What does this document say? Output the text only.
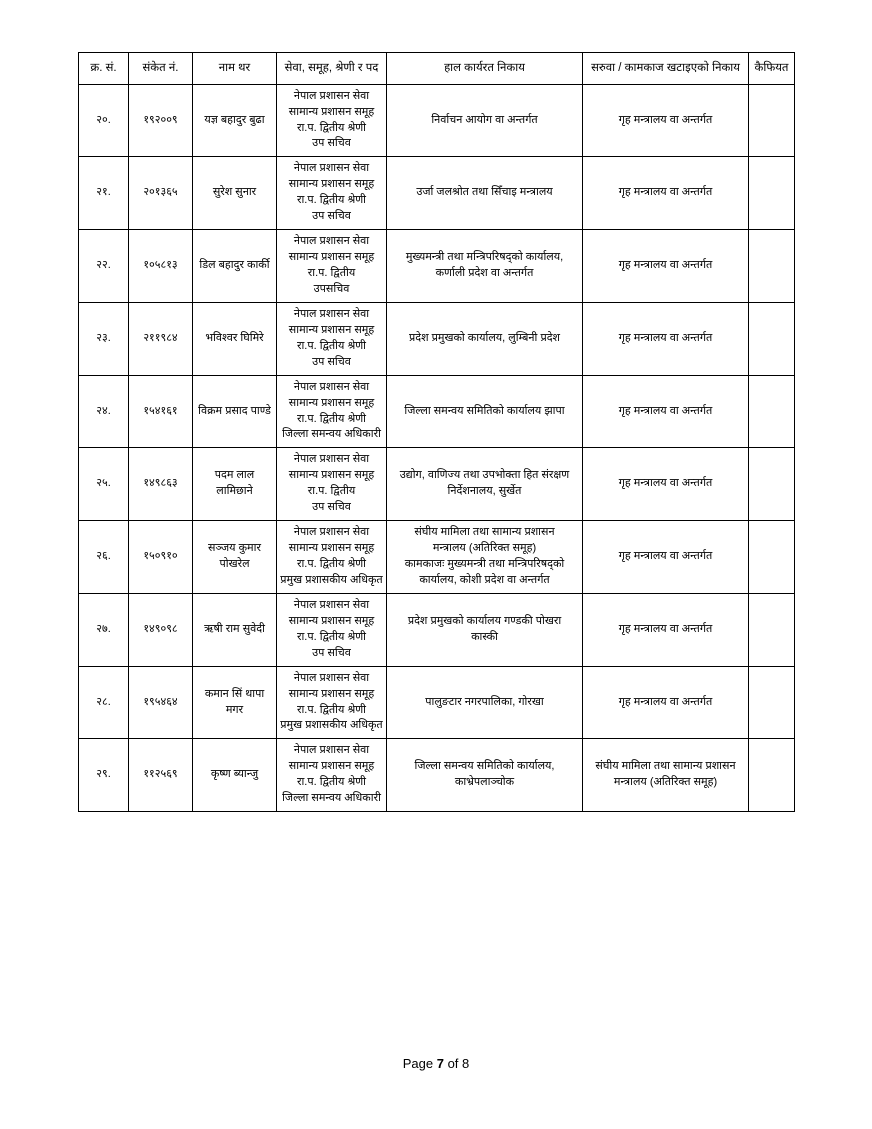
क्र. सं.	संकेत नं.	नाम थर	सेवा, समूह, श्रेणी र पद	हाल कार्यरत निकाय	सरुवा / कामकाज खटाइएको निकाय	कैफियत
२०.	१९२००९	यज्ञ बहादुर बुढा	नेपाल प्रशासन सेवा
सामान्य प्रशासन समूह
रा.प. द्वितीय श्रेणी
उप सचिव	निर्वाचन आयोग वा अन्तर्गत	गृह मन्त्रालय वा अन्तर्गत	

२१.	२०१३६५	सुरेश सुनार	नेपाल प्रशासन सेवा
सामान्य प्रशासन समूह
रा.प. द्वितीय श्रेणी
उप सचिव	उर्जा जलश्रोत तथा सिँचाइ मन्त्रालय	गृह मन्त्रालय वा अन्तर्गत	

२२.	१०५८१३	डिल बहादुर कार्की	नेपाल प्रशासन सेवा
सामान्य प्रशासन समूह
रा.प. द्वितीय
उपसचिव	मुख्यमन्त्री तथा मन्त्रिपरिषद्को कार्यालय,
कर्णाली प्रदेश वा अन्तर्गत	गृह मन्त्रालय वा अन्तर्गत	

२३.	२११९८४	भविश्वर घिमिरे	नेपाल प्रशासन सेवा
सामान्य प्रशासन समूह
रा.प. द्वितीय श्रेणी
उप सचिव	प्रदेश प्रमुखको कार्यालय, लुम्बिनी प्रदेश	गृह मन्त्रालय वा अन्तर्गत	

२४.	१५४१६१	विक्रम प्रसाद पाण्डे	नेपाल प्रशासन सेवा
सामान्य प्रशासन समूह
रा.प. द्वितीय श्रेणी
जिल्ला समन्वय अधिकारी	जिल्ला समन्वय समितिको कार्यालय झापा	गृह मन्त्रालय वा अन्तर्गत	

२५.	१४९८६३	पदम लाल लामिछाने	नेपाल प्रशासन सेवा
सामान्य प्रशासन समूह
रा.प. द्वितीय
उप सचिव	उद्योग, वाणिज्य तथा उपभोक्ता हित संरक्षण
निर्देशनालय, सुर्खेत	गृह मन्त्रालय वा अन्तर्गत	

२६.	१५०९१०	सञ्जय कुमार पोखरेल	नेपाल प्रशासन सेवा
सामान्य प्रशासन समूह
रा.प. द्वितीय श्रेणी
प्रमुख प्रशासकीय अधिकृत	संघीय मामिला तथा सामान्य प्रशासन
मन्त्रालय (अतिरिक्त समूह)
कामकाजः मुख्यमन्त्री तथा मन्त्रिपरिषद्को
कार्यालय, कोशी प्रदेश वा अन्तर्गत	गृह मन्त्रालय वा अन्तर्गत	

२७.	१४९०९८	ऋषी राम सुवेदी	नेपाल प्रशासन सेवा
सामान्य प्रशासन समूह
रा.प. द्वितीय श्रेणी
उप सचिव	प्रदेश प्रमुखको कार्यालय गण्डकी पोखरा
कास्की	गृह मन्त्रालय वा अन्तर्गत	

२८.	१९५४६४	कमान सिं थापा मगर	नेपाल प्रशासन सेवा
सामान्य प्रशासन समूह
रा.प. द्वितीय श्रेणी
प्रमुख प्रशासकीय अधिकृत	पालुङटार नगरपालिका, गोरखा	गृह मन्त्रालय वा अन्तर्गत	

२९.	११२५६९	कृष्ण ब्यान्जु	नेपाल प्रशासन सेवा
सामान्य प्रशासन समूह
रा.प. द्वितीय श्रेणी
जिल्ला समन्वय अधिकारी	जिल्ला समन्वय समितिको कार्यालय,
काभ्रेपलाञ्चोक	संघीय मामिला तथा सामान्य प्रशासन
मन्त्रालय (अतिरिक्त समूह)	

Page 7 of 8
